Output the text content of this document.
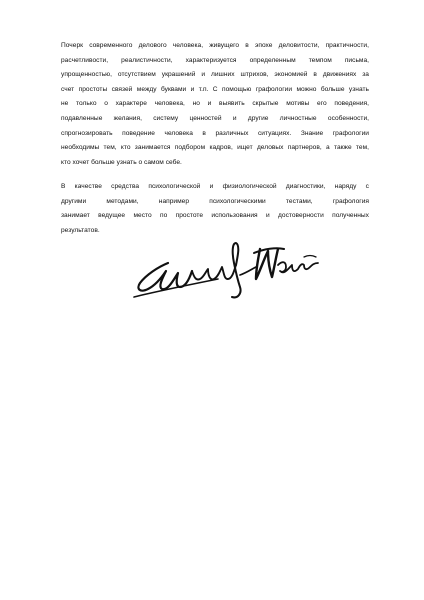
Почерк современного делового человека, живущего в эпохе деловитости, практичности,
расчетливости, реалистичности, характеризуется определенным темпом письма,
упрощенностью, отсутствием украшений и лишних штрихов, экономией в движениях за
счет простоты связей между буквами и т.п. С помощью графологии можно больше узнать
не только о характере человека, но и выявить скрытые мотивы его поведения,
подавленные желания, систему ценностей и другие личностные особенности,
спрогнозировать поведение человека в различных ситуациях. Знание графологии
необходимы тем, кто занимается подбором кадров, ищет деловых партнеров, а также тем,
кто хочет больше узнать о самом себе.
В качестве средства психологической и физиологической диагностики, наряду с
другими методами, например психологическими тестами, графология
занимает ведущее место по простоте использования и достоверности полученных
результатов.
